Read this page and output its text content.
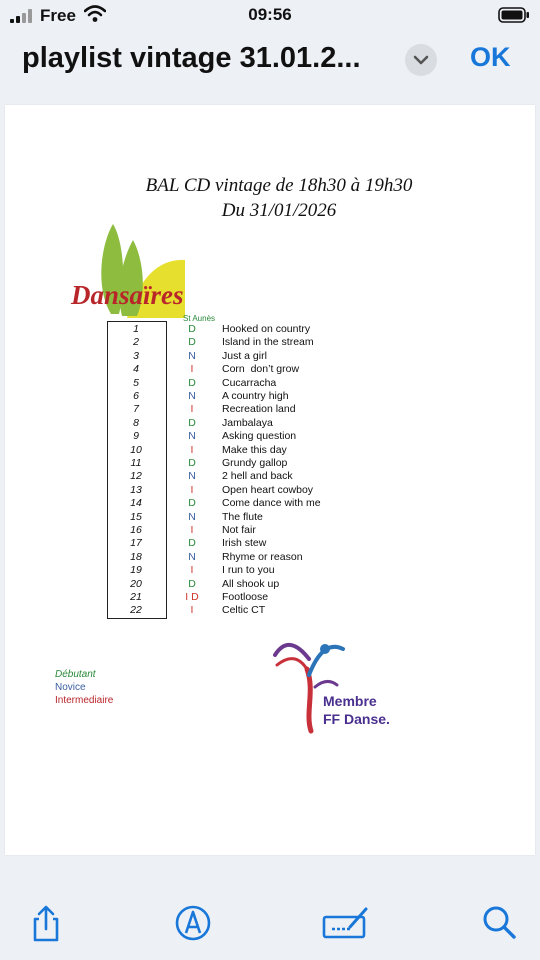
Free	09:56
playlist vintage 31.01.2...	OK
BAL CD vintage de 18h30 à 19h30
Du 31/01/2026
Dansaïres
St Aunès
1	D	Hooked on country
2	D	Island in the stream
3	N	Just a girl
4	I	Corn  don’t grow
5	D	Cucarracha
6	N	A country high
7	I	Recreation land
8	D	Jambalaya
9	N	Asking question
10	I	Make this day
11	D	Grundy gallop
12	N	2 hell and back
13	I	Open heart cowboy
14	D	Come dance with me
15	N	The flute
16	I	Not fair
17	D	Irish stew
18	N	Rhyme or reason
19	I	I run to you
20	D	All shook up
21	I D	Footloose
22	I	Celtic CT
Débutant
Novice
Intermediaire	Membre
FF Danse.
